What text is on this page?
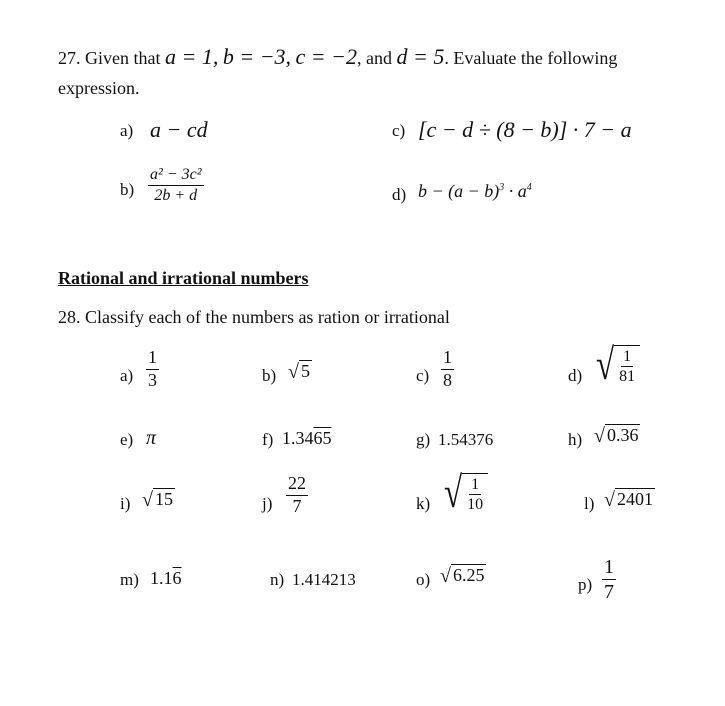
27. Given that a = 1, b = −3, c = −2, and d = 5. Evaluate the following
expression.
a) a − cd	c) [c − d ÷ (8 − b)] · 7 − a
$b) \frac{\text{a² − 3c²}}{2b + d}$	d) $b - (a - b)^3 \cdot a^4$
Rational and irrational numbers
28. Classify each of the numbers as ration or irrational
$a) \frac{1}{3}$	b) √ 5	$c) \frac{1}{8}$	d) √ $\frac{1}{81}$
e) π	f) 1.3465	g) 1.54376	h) √ 0.36
i) √ 15	$j) \frac{22}{7}$	k) √ $\frac{1}{10}$	l) √ 2401
m) 1.16	n) 1.414213	o) √ 6.25	$p) \frac{1}{7}$
